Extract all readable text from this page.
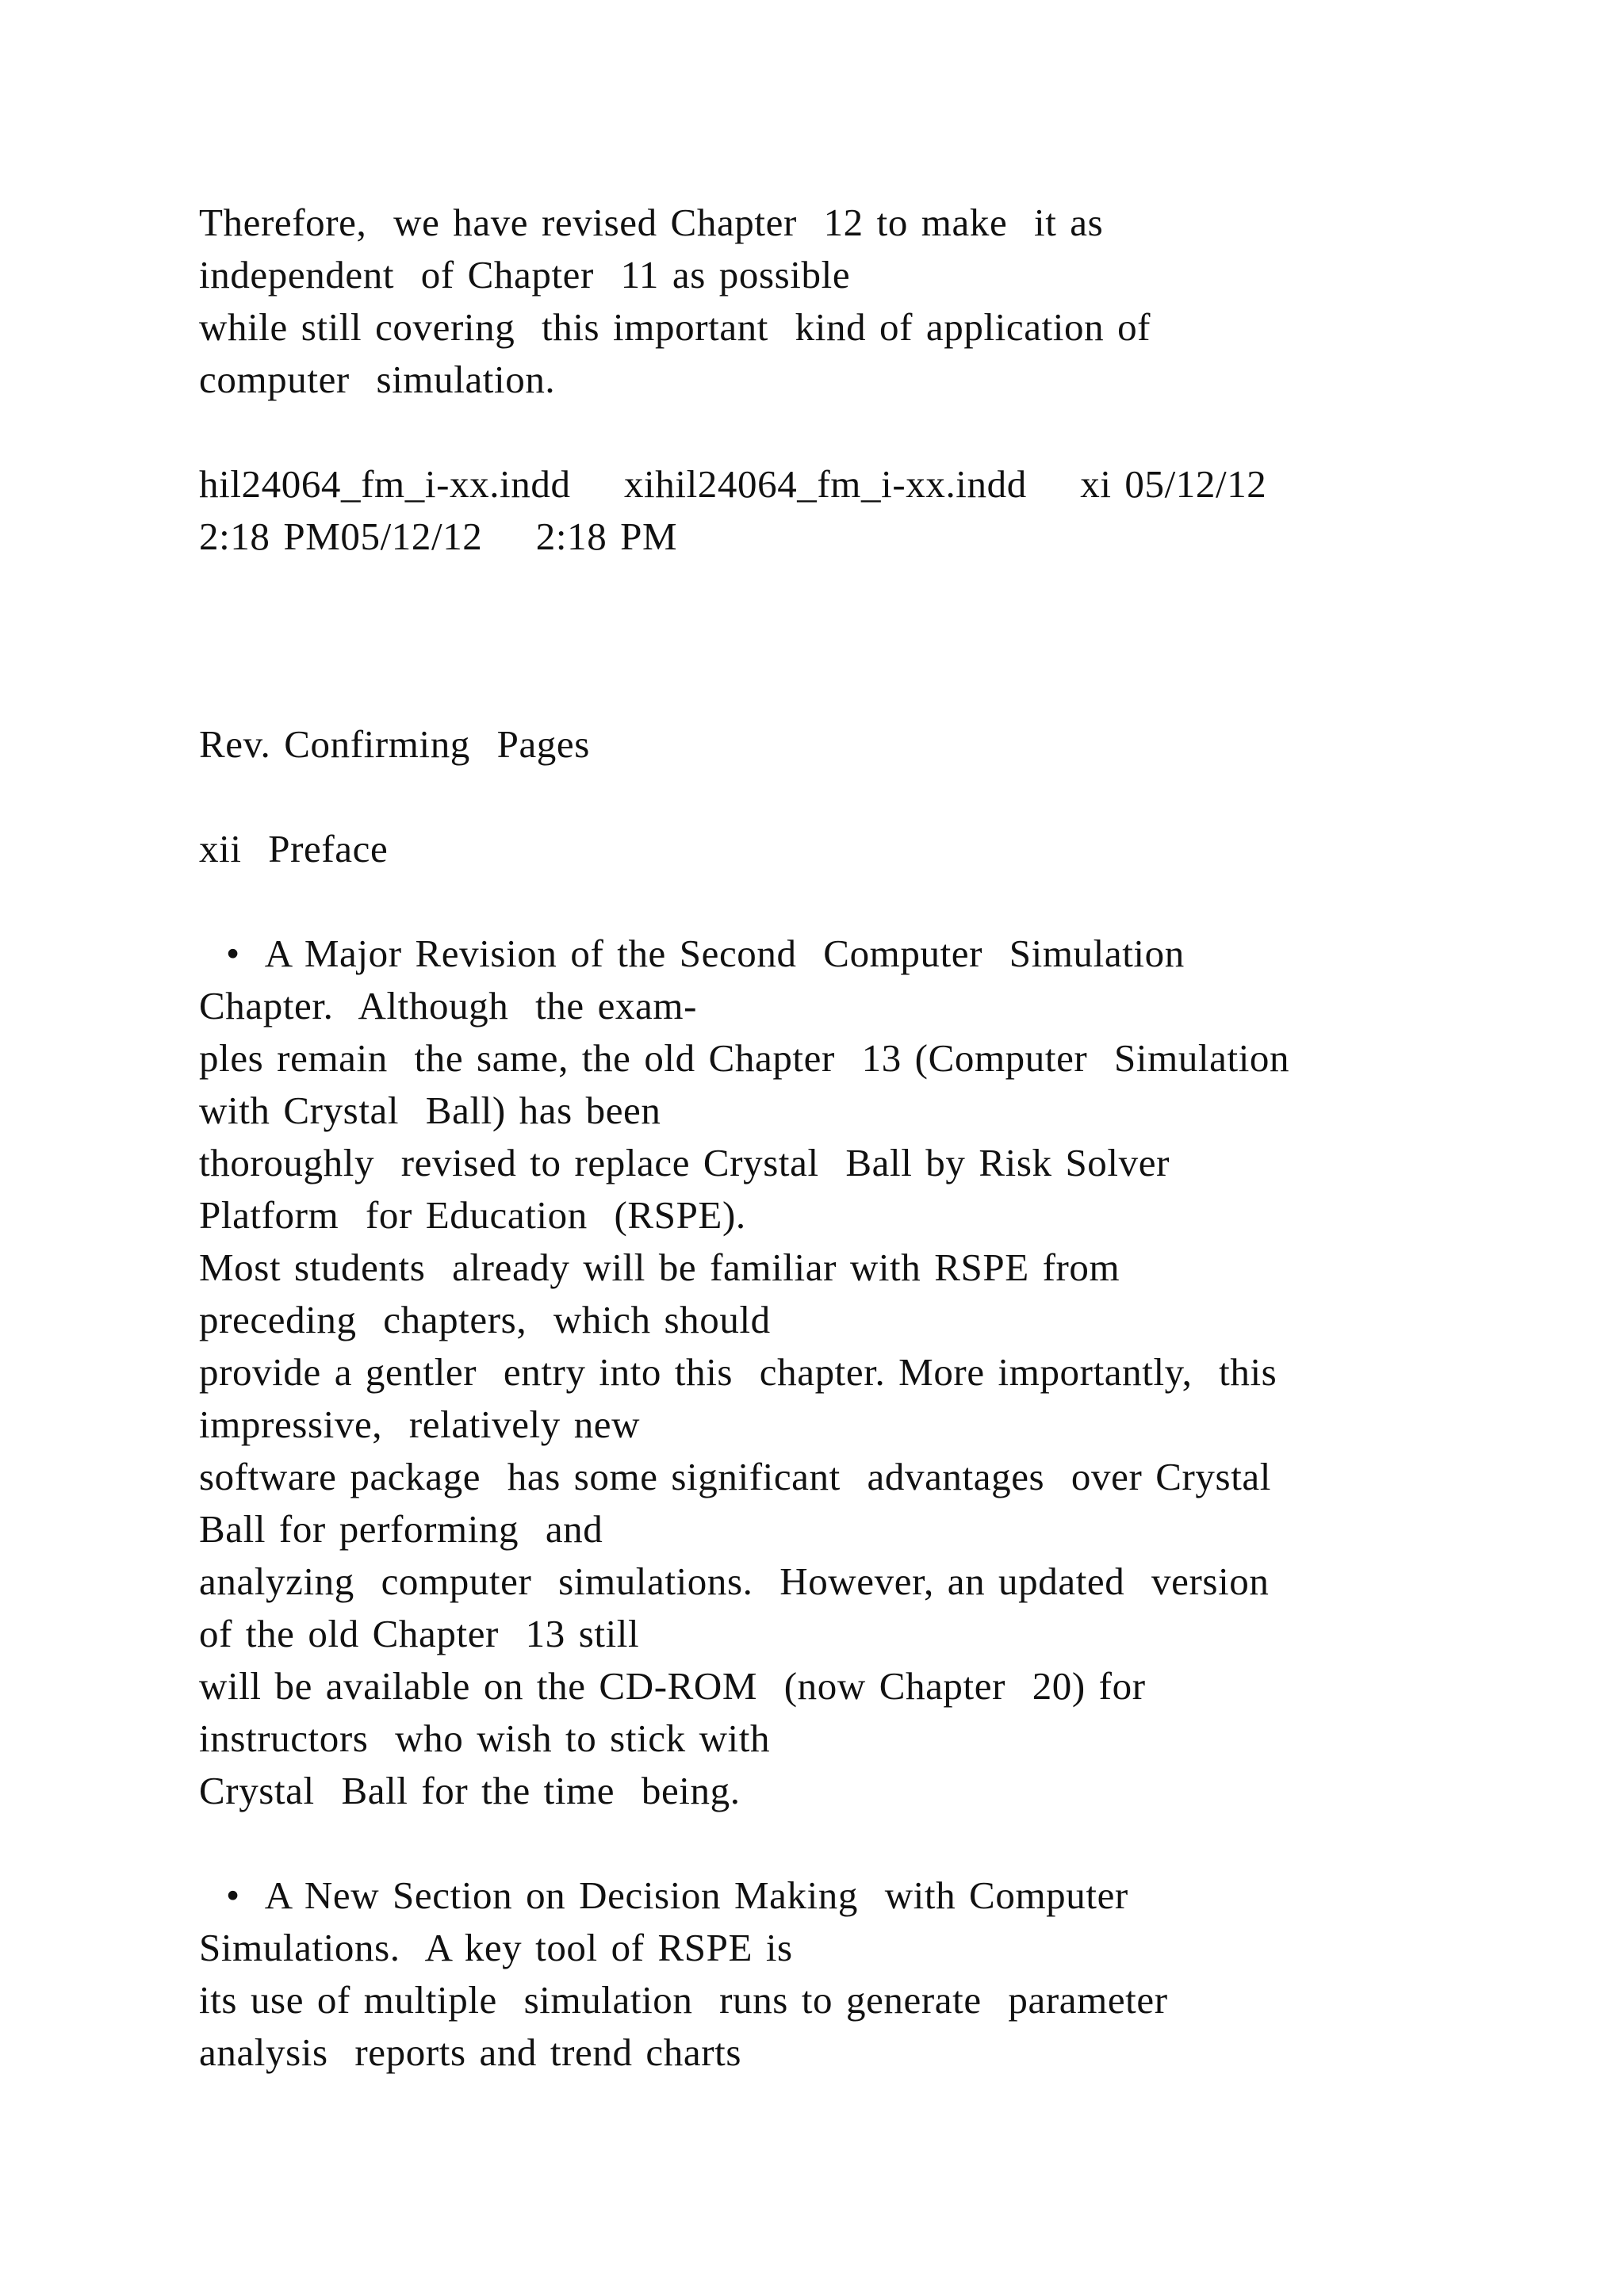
Therefore,  we have revised Chapter  12 to make  it as
independent  of Chapter  11 as possible
while still covering  this important  kind of application of
computer  simulation.
hil24064_fm_i-xx.indd    xihil24064_fm_i-xx.indd    xi 05/12/12
2:18 PM05/12/12    2:18 PM
Rev. Confirming  Pages
xii  Preface
•  A Major Revision of the Second  Computer  Simulation
Chapter.  Although  the exam-
ples remain  the same, the old Chapter  13 (Computer  Simulation
with Crystal  Ball) has been
thoroughly  revised to replace Crystal  Ball by Risk Solver
Platform  for Education  (RSPE).
Most students  already will be familiar with RSPE from
preceding  chapters,  which should
provide a gentler  entry into this  chapter. More importantly,  this
impressive,  relatively new
software package  has some significant  advantages  over Crystal
Ball for performing  and
analyzing  computer  simulations.  However, an updated  version
of the old Chapter  13 still
will be available on the CD-ROM  (now Chapter  20) for
instructors  who wish to stick with
Crystal  Ball for the time  being.
•  A New Section on Decision Making  with Computer
Simulations.  A key tool of RSPE is
its use of multiple  simulation  runs to generate  parameter
analysis  reports and trend charts
